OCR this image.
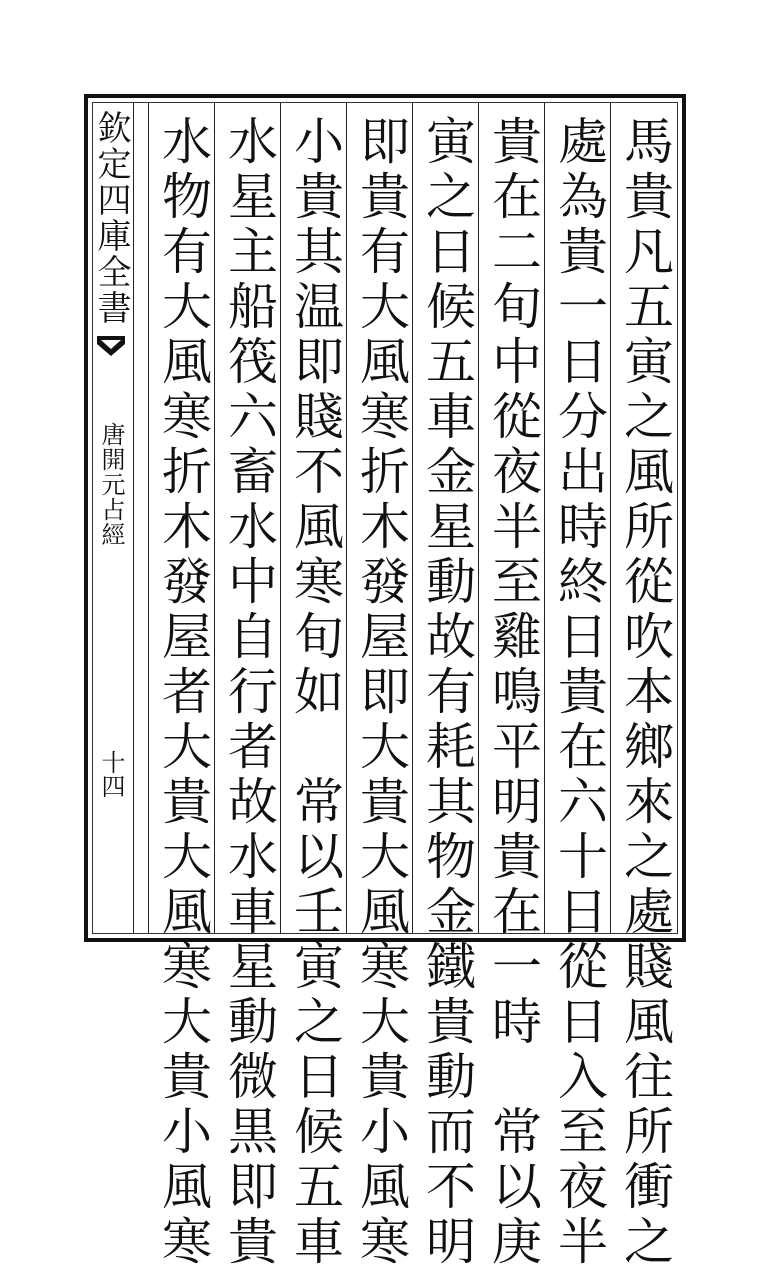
馬貴凡五寅之風所從吹本鄉來之處賤風往所衝之
處為貴一日分出時終日貴在六十日從日入至夜半
貴在二旬中從夜半至雞鳴平明貴在一時　常以庚
寅之日候五車金星動故有耗其物金鐵貴動而不明
即貴有大風寒折木發屋即大貴大風寒大貴小風寒
小貴其温即賤不風寒旬如　常以壬寅之日候五車
水星主船筏六畜水中自行者故水車星動微黒即貴
水物有大風寒折木發屋者大貴大風寒大貴小風寒
欽定四庫全書
唐開元占經
十四
